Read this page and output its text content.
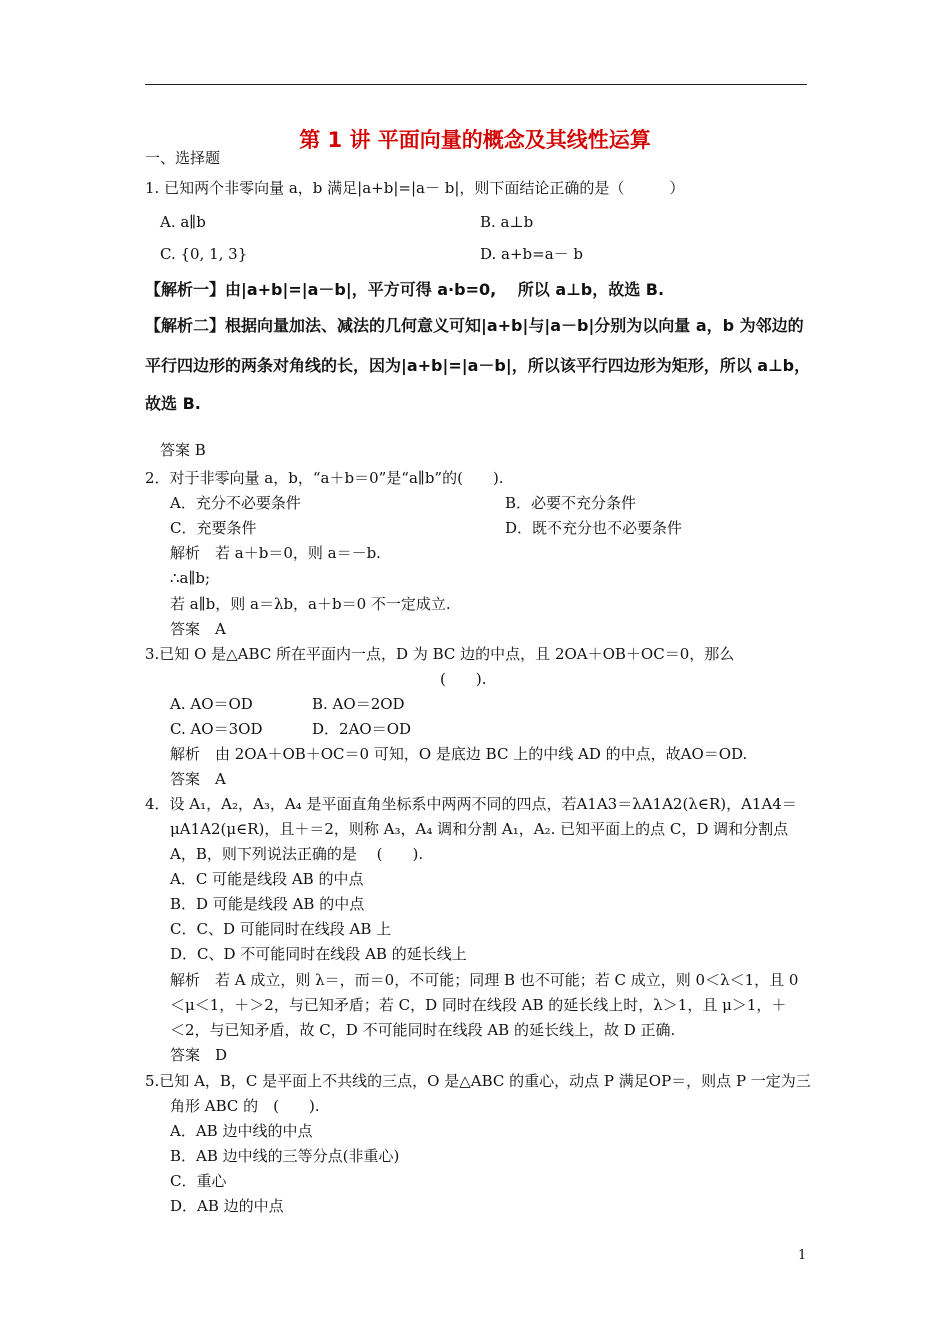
第 1 讲 平面向量的概念及其线性运算
一、选择题
1. 已知两个非零向量 a，b 满足|a+b|=|a－ b|，则下面结论正确的是（　　　）
A. a∥b	B. a⊥b
C. {0, 1, 3}	D. a+b=a－ b
【解析一】由|a+b|=|a－b|，平方可得 a·b=0,　 所以 a⊥b，故选 B.
【解析二】根据向量加法、减法的几何意义可知|a+b|与|a－b|分别为以向量 a，b 为邻边的
平行四边形的两条对角线的长，因为|a+b|=|a－b|，所以该平行四边形为矩形，所以 a⊥b，
故选 B.
答案 B
2．对于非零向量 a，b，“a＋b＝0”是“a∥b”的(　　).
A．充分不必要条件	B．必要不充分条件
C．充要条件	D．既不充分也不必要条件
解析　若 a＋b＝0，则 a＝－b.
∴a∥b;
若 a∥b，则 a＝λb，a＋b＝0 不一定成立.
答案　A
3.已知 O 是△ABC 所在平面内一点，D 为 BC 边的中点，且 2OA＋OB＋OC＝0，那么
(　　).
A. AO＝OD	B. AO＝2OD
C. AO＝3OD	D．2AO＝OD
解析　由 2OA＋OB＋OC＝0 可知，O 是底边 BC 上的中线 AD 的中点，故AO＝OD.
答案　A
4．设 A₁，A₂，A₃，A₄ 是平面直角坐标系中两两不同的四点，若A1A3＝λA1A2(λ∈R)，A1A4＝
μA1A2(μ∈R)，且＋＝2，则称 A₃，A₄ 调和分割 A₁，A₂. 已知平面上的点 C，D 调和分割点
A，B，则下列说法正确的是　 (　　).
A．C 可能是线段 AB 的中点
B．D 可能是线段 AB 的中点
C．C、D 可能同时在线段 AB 上
D．C、D 不可能同时在线段 AB 的延长线上
解析　若 A 成立，则 λ＝，而＝0，不可能；同理 B 也不可能；若 C 成立，则 0＜λ＜1，且 0
＜μ＜1，＋＞2，与已知矛盾；若 C，D 同时在线段 AB 的延长线上时，λ＞1，且 μ＞1，＋
＜2，与已知矛盾，故 C，D 不可能同时在线段 AB 的延长线上，故 D 正确.
答案　D
5.已知 A，B，C 是平面上不共线的三点，O 是△ABC 的重心，动点 P 满足OP＝，则点 P 一定为三
角形 ABC 的　(　　).
A．AB 边中线的中点
B．AB 边中线的三等分点(非重心)
C．重心
D．AB 边的中点
1
